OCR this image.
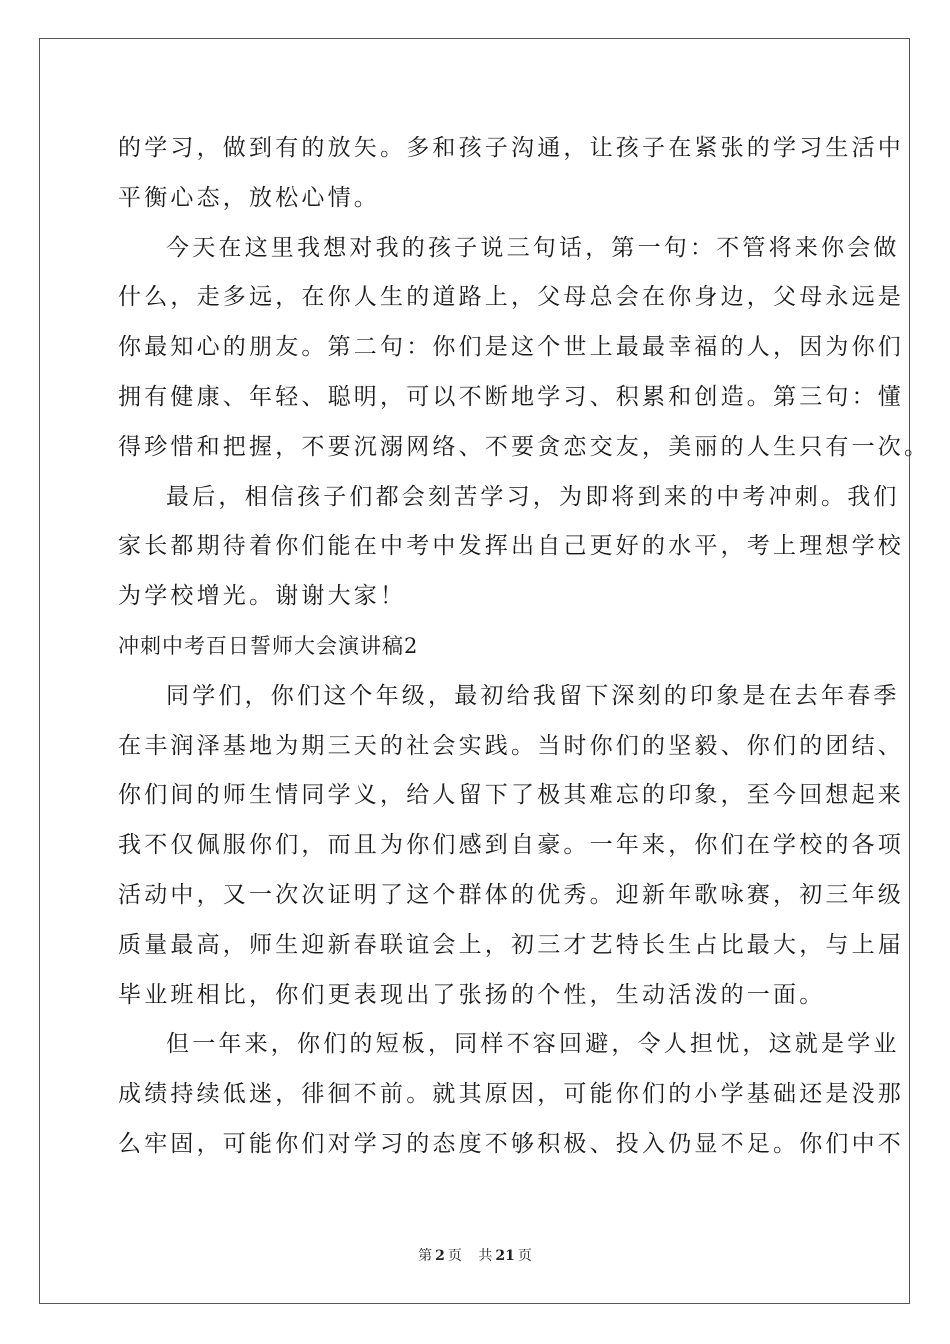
的学习，做到有的放矢。多和孩子沟通，让孩子在紧张的学习生活中
平衡心态，放松心情。
今天在这里我想对我的孩子说三句话，第一句：不管将来你会做
什么，走多远，在你人生的道路上，父母总会在你身边，父母永远是
你最知心的朋友。第二句：你们是这个世上最最幸福的人，因为你们
拥有健康、年轻、聪明，可以不断地学习、积累和创造。第三句：懂
得珍惜和把握，不要沉溺网络、不要贪恋交友，美丽的人生只有一次。
最后，相信孩子们都会刻苦学习，为即将到来的中考冲刺。我们
家长都期待着你们能在中考中发挥出自己更好的水平，考上理想学校
为学校增光。谢谢大家！
冲刺中考百日誓师大会演讲稿2
同学们，你们这个年级，最初给我留下深刻的印象是在去年春季
在丰润泽基地为期三天的社会实践。当时你们的坚毅、你们的团结、
你们间的师生情同学义，给人留下了极其难忘的印象，至今回想起来
我不仅佩服你们，而且为你们感到自豪。一年来，你们在学校的各项
活动中，又一次次证明了这个群体的优秀。迎新年歌咏赛，初三年级
质量最高，师生迎新春联谊会上，初三才艺特长生占比最大，与上届
毕业班相比，你们更表现出了张扬的个性，生动活泼的一面。
但一年来，你们的短板，同样不容回避，令人担忧，这就是学业
成绩持续低迷，徘徊不前。就其原因，可能你们的小学基础还是没那
么牢固，可能你们对学习的态度不够积极、投入仍显不足。你们中不
第 2 页 共 21 页
